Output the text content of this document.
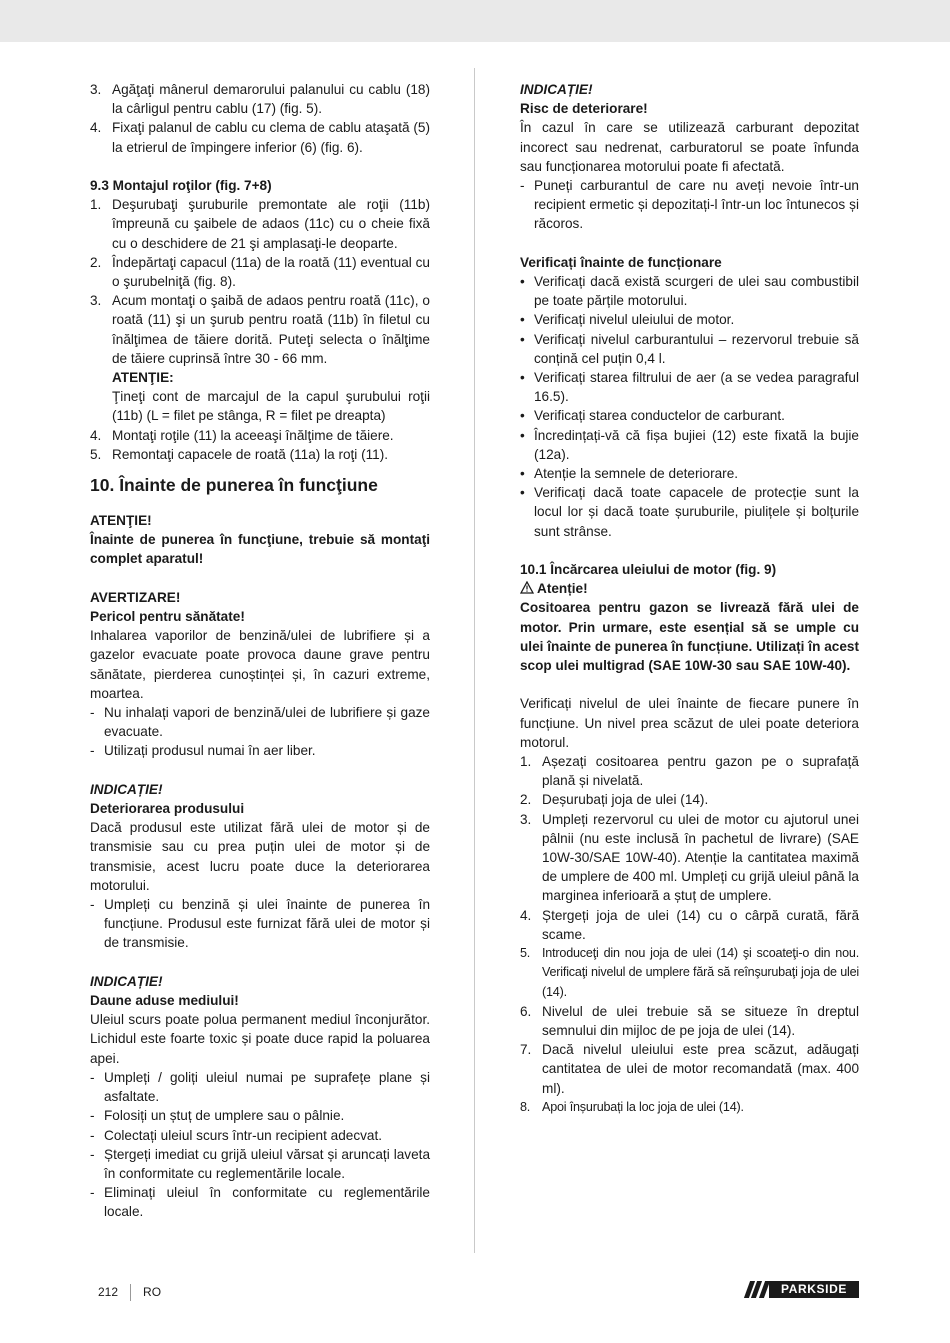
3. Agăţaţi mânerul demarorului palanului cu cablu (18) la cârligul pentru cablu (17) (fig. 5).
4. Fixaţi palanul de cablu cu clema de cablu ataşată (5) la etrierul de împingere inferior (6) (fig. 6).

9.3 Montajul roţilor (fig. 7+8)

1. Deşurubaţi şuruburile premontate ale roţii (11b) împreună cu şaibele de adaos (11c) cu o cheie fixă cu o deschidere de 21 şi amplasaţi-le deoparte.
2. Îndepărtaţi capacul (11a) de la roată (11) eventual cu o şurubelniţă (fig. 8).
3. Acum montaţi o şaibă de adaos pentru roată (11c), o roată (11) şi un şurub pentru roată (11b) în filetul cu înălţimea de tăiere dorită. Puteţi selecta o înălţime de tăiere cuprinsă între 30 - 66 mm.

ATENŢIE:

Ţineţi cont de marcajul de la capul şurubului roţii (11b) (L = filet pe stânga, R = filet pe dreapta)

4. Montaţi roţile (11) la aceeaşi înălţime de tăiere.
5. Remontaţi capacele de roată (11a) la roţi (11).

10. Înainte de punerea în funcţiune

ATENŢIE!

Înainte de punerea în funcţiune, trebuie să montaţi complet aparatul!

AVERTIZARE!

Pericol pentru sănătate!

Inhalarea vaporilor de benzină/ulei de lubrifiere și a gazelor evacuate poate provoca daune grave pentru sănătate, pierderea cunoștinței și, în cazuri extreme, moartea.

- Nu inhalați vapori de benzină/ulei de lubrifiere și gaze evacuate.
- Utilizați produsul numai în aer liber.

INDICAȚIE!

Deteriorarea produsului

Dacă produsul este utilizat fără ulei de motor și de transmisie sau cu prea puțin ulei de motor și de transmisie, acest lucru poate duce la deteriorarea motorului.

- Umpleți cu benzină și ulei înainte de punerea în funcțiune. Produsul este furnizat fără ulei de motor și de transmisie.

INDICAȚIE!

Daune aduse mediului!

Uleiul scurs poate polua permanent mediul înconjurător. Lichidul este foarte toxic și poate duce rapid la poluarea apei.

- Umpleți / goliți uleiul numai pe suprafețe plane și asfaltate.
- Folosiți un ștuț de umplere sau o pâlnie.
- Colectați uleiul scurs într-un recipient adecvat.
- Ștergeți imediat cu grijă uleiul vărsat și aruncați laveta în conformitate cu reglementările locale.
- Eliminați uleiul în conformitate cu reglementările locale.

INDICAȚIE!

Risc de deteriorare!

În cazul în care se utilizează carburant depozitat incorect sau nedrenat, carburatorul se poate înfunda sau funcționarea motorului poate fi afectată.

- Puneți carburantul de care nu aveți nevoie într-un recipient ermetic și depozitați-l într-un loc întunecos și răcoros.

Verificați înainte de funcționare

• Verificați dacă există scurgeri de ulei sau combustibil pe toate părțile motorului.
• Verificați nivelul uleiului de motor.
• Verificați nivelul carburantului – rezervorul trebuie să conțină cel puțin 0,4 l.
• Verificați starea filtrului de aer (a se vedea paragraful 16.5).
• Verificați starea conductelor de carburant.
• Încredințați-vă că fișa bujiei (12) este fixată la bujie (12a).
• Atenție la semnele de deteriorare.
• Verificați dacă toate capacele de protecție sunt la locul lor și dacă toate șuruburile, piulițele și bolțurile sunt strânse.

10.1 Încărcarea uleiului de motor (fig. 9)

Atenție!

Cositoarea pentru gazon se livrează fără ulei de motor. Prin urmare, este esențial să se umple cu ulei înainte de punerea în funcțiune. Utilizați în acest scop ulei multigrad (SAE 10W-30 sau SAE 10W-40).

Verificați nivelul de ulei înainte de fiecare punere în funcțiune. Un nivel prea scăzut de ulei poate deteriora motorul.

1. Așezați cositoarea pentru gazon pe o suprafață plană și nivelată.
2. Deșurubați joja de ulei (14).
3. Umpleți rezervorul cu ulei de motor cu ajutorul unei pâlnii (nu este inclusă în pachetul de livrare) (SAE 10W-30/SAE 10W-40). Atenție la cantitatea maximă de umplere de 400 ml. Umpleți cu grijă uleiul până la marginea inferioară a ștuț de umplere.
4. Ștergeți joja de ulei (14) cu o cârpă curată, fără scame.
5. Introduceţi din nou joja de ulei (14) şi scoateţi-o din nou. Verificaţi nivelul de umplere fără să reînşurubaţi joja de ulei (14).
6. Nivelul de ulei trebuie să se situeze în dreptul semnului din mijloc de pe joja de ulei (14).
7. Dacă nivelul uleiului este prea scăzut, adăugați cantitatea de ulei de motor recomandată (max. 400 ml).
8. Apoi înșurubați la loc joja de ulei (14).
212 RO	PARKSIDE
